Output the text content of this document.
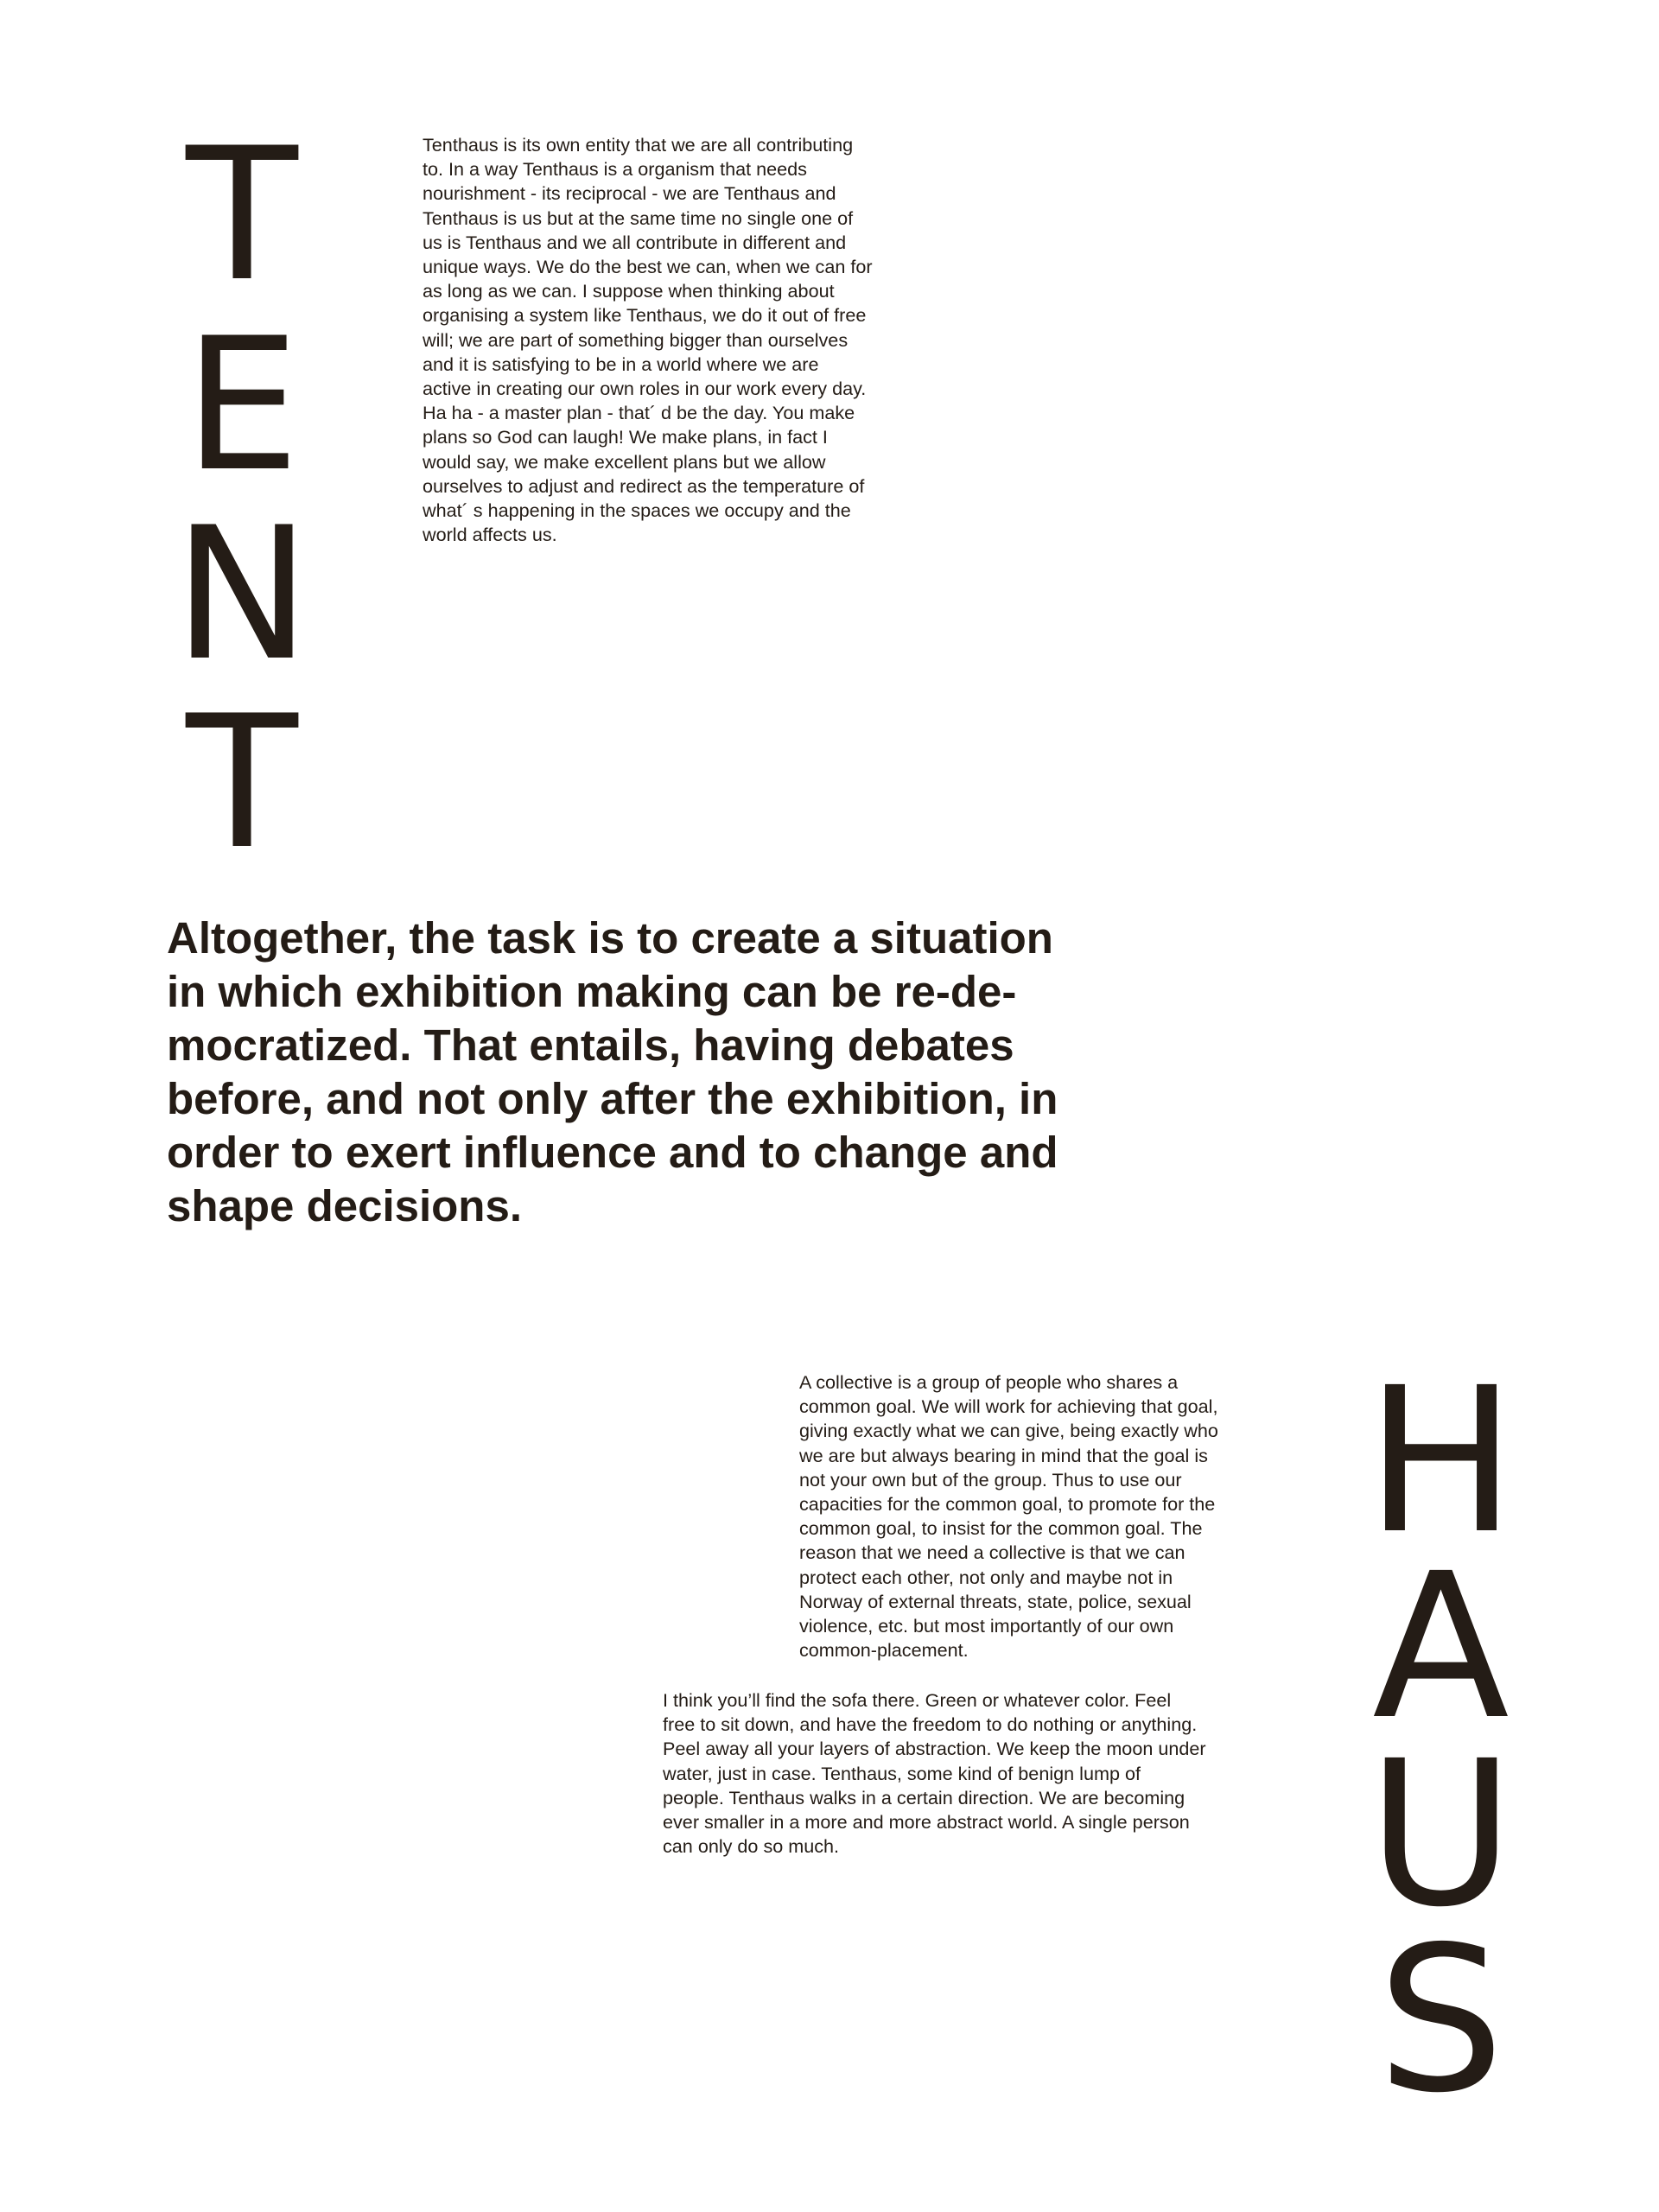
T
E
N
T

Tenthaus is its own entity that we are all contributing
to. In a way Tenthaus is a organism that needs
nourishment - its reciprocal - we are Tenthaus and
Tenthaus is us but at the same time no single one of
us is Tenthaus and we all contribute in different and
unique ways. We do the best we can, when we can for
as long as we can. I suppose when thinking about
organising a system like Tenthaus, we do it out of free
will; we are part of something bigger than ourselves
and it is satisfying to be in a world where we are
active in creating our own roles in our work every day.
Ha ha - a master plan - that´ d be the day. You make
plans so God can laugh! We make plans, in fact I
would say, we make excellent plans but we allow
ourselves to adjust and redirect as the temperature of
what´ s happening in the spaces we occupy and the
world affects us.

Altogether, the task is to create a situation
in which exhibition making can be re-de-
mocratized. That entails, having debates
before, and not only after the exhibition, in
order to exert influence and to change and
shape decisions.

A collective is a group of people who shares a
common goal. We will work for achieving that goal,
giving exactly what we can give, being exactly who
we are but always bearing in mind that the goal is
not your own but of the group. Thus to use our
capacities for the common goal, to promote for the
common goal, to insist for the common goal. The
reason that we need a collective is that we can
protect each other, not only and maybe not in
Norway of external threats, state, police, sexual
violence, etc. but most importantly of our own
common-placement.

I think you’ll find the sofa there. Green or whatever color. Feel
free to sit down, and have the freedom to do nothing or anything.
Peel away all your layers of abstraction. We keep the moon under
water, just in case. Tenthaus, some kind of benign lump of
people. Tenthaus walks in a certain direction. We are becoming
ever smaller in a more and more abstract world. A single person
can only do so much.

H
A
U
S
